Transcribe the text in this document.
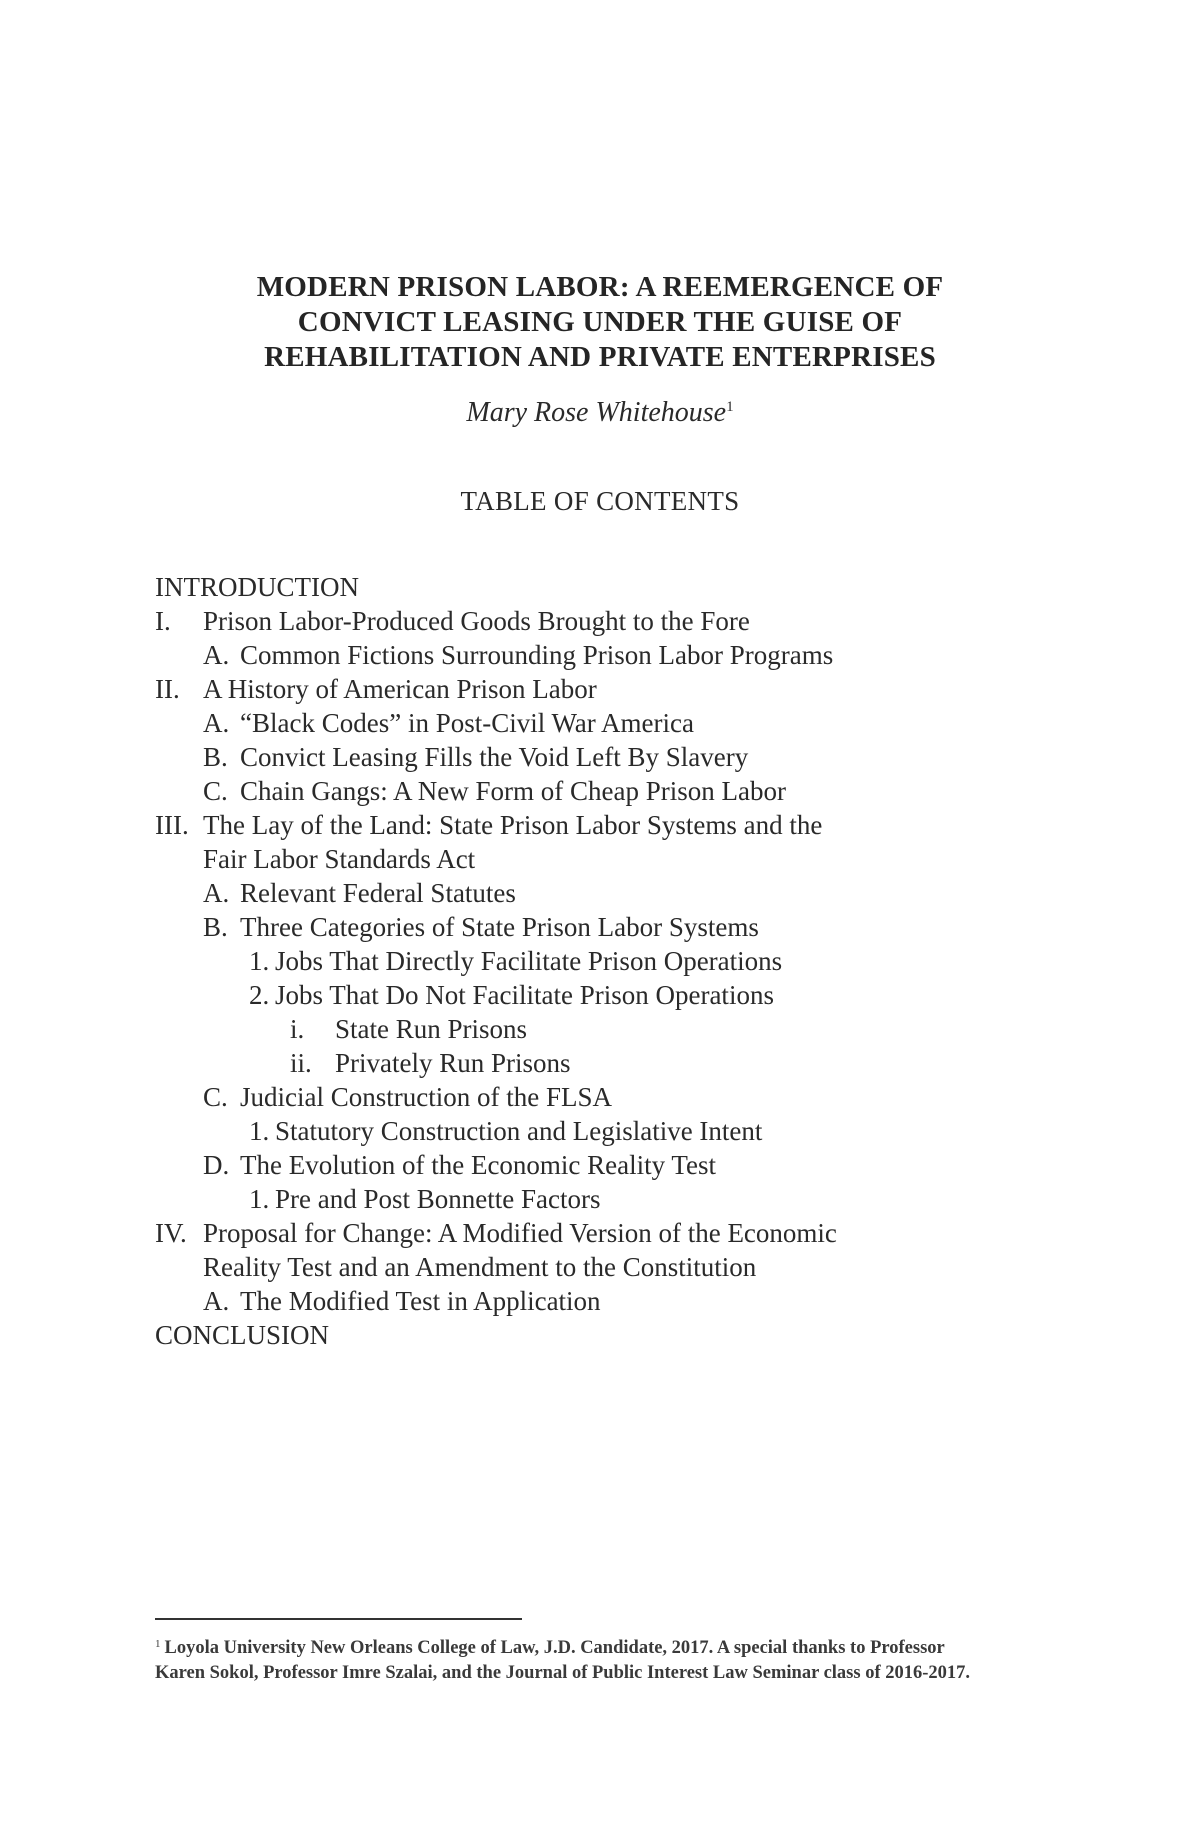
MODERN PRISON LABOR: A REEMERGENCE OF
CONVICT LEASING UNDER THE GUISE OF
REHABILITATION AND PRIVATE ENTERPRISES
Mary Rose Whitehouse$^1$
TABLE OF CONTENTS
INTRODUCTION
I. Prison Labor-Produced Goods Brought to the Fore
A. Common Fictions Surrounding Prison Labor Programs
II. A History of American Prison Labor
A. “Black Codes” in Post-Civil War America
B. Convict Leasing Fills the Void Left By Slavery
C. Chain Gangs: A New Form of Cheap Prison Labor
III. The Lay of the Land: State Prison Labor Systems and the
Fair Labor Standards Act
A. Relevant Federal Statutes
B. Three Categories of State Prison Labor Systems
1. Jobs That Directly Facilitate Prison Operations
2. Jobs That Do Not Facilitate Prison Operations
i. State Run Prisons
ii. Privately Run Prisons
C. Judicial Construction of the FLSA
1. Statutory Construction and Legislative Intent
D. The Evolution of the Economic Reality Test
1. Pre and Post Bonnette Factors
IV. Proposal for Change: A Modified Version of the Economic
Reality Test and an Amendment to the Constitution
A. The Modified Test in Application
CONCLUSION
$^1$ Loyola University New Orleans College of Law, J.D. Candidate, 2017. A special thanks to Professor Karen Sokol, Professor Imre Szalai, and the Journal of Public Interest Law Seminar class of 2016-2017.
